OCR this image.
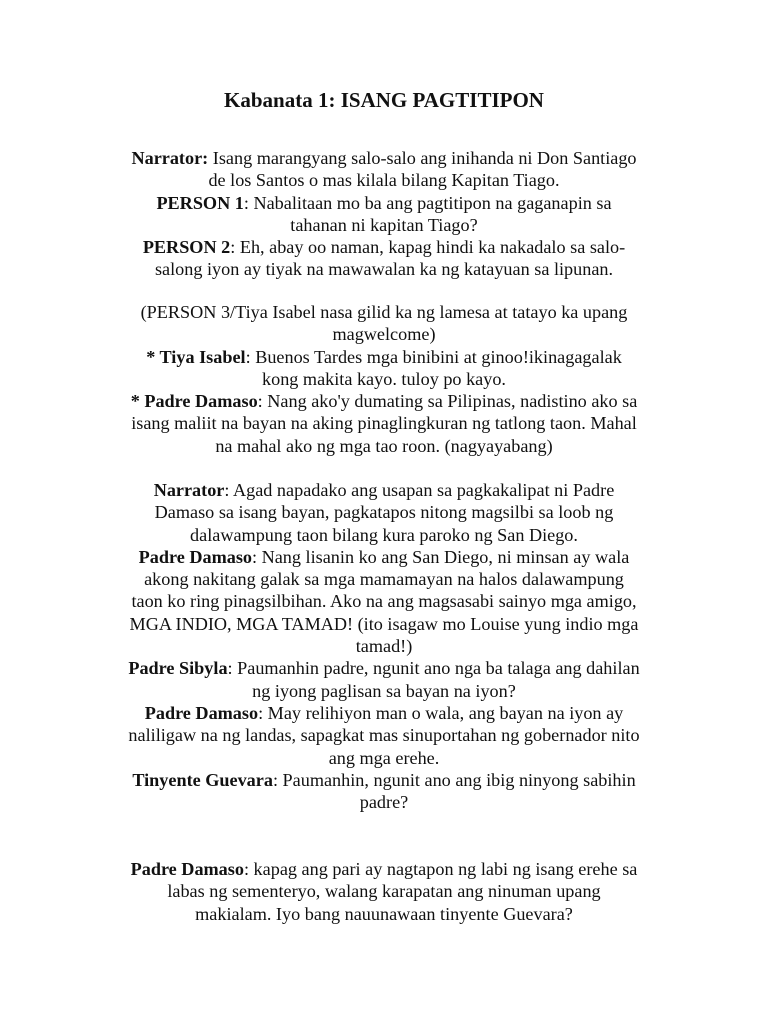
Kabanata 1: ISANG PAGTITIPON
Narrator: Isang marangyang salo-salo ang inihanda ni Don Santiago
de los Santos o mas kilala bilang Kapitan Tiago.
PERSON 1: Nabalitaan mo ba ang pagtitipon na gaganapin sa
tahanan ni kapitan Tiago?
PERSON 2: Eh, abay oo naman, kapag hindi ka nakadalo sa salo-
salong iyon ay tiyak na mawawalan ka ng katayuan sa lipunan.
(PERSON 3/Tiya Isabel nasa gilid ka ng lamesa at tatayo ka upang
magwelcome)
* Tiya Isabel: Buenos Tardes mga binibini at ginoo!ikinagagalak
kong makita kayo. tuloy po kayo.
* Padre Damaso: Nang ako'y dumating sa Pilipinas, nadistino ako sa
isang maliit na bayan na aking pinaglingkuran ng tatlong taon. Mahal
na mahal ako ng mga tao roon. (nagyayabang)
Narrator: Agad napadako ang usapan sa pagkakalipat ni Padre
Damaso sa isang bayan, pagkatapos nitong magsilbi sa loob ng
dalawampung taon bilang kura paroko ng San Diego.
Padre Damaso: Nang lisanin ko ang San Diego, ni minsan ay wala
akong nakitang galak sa mga mamamayan na halos dalawampung
taon ko ring pinagsilbihan. Ako na ang magsasabi sainyo mga amigo,
MGA INDIO, MGA TAMAD! (ito isagaw mo Louise yung indio mga
tamad!)
Padre Sibyla: Paumanhin padre, ngunit ano nga ba talaga ang dahilan
ng iyong paglisan sa bayan na iyon?
Padre Damaso: May relihiyon man o wala, ang bayan na iyon ay
naliligaw na ng landas, sapagkat mas sinuportahan ng gobernador nito
ang mga erehe.
Tinyente Guevara: Paumanhin, ngunit ano ang ibig ninyong sabihin
padre?
Padre Damaso: kapag ang pari ay nagtapon ng labi ng isang erehe sa
labas ng sementeryo, walang karapatan ang ninuman upang
makialam. Iyo bang nauunawaan tinyente Guevara?
